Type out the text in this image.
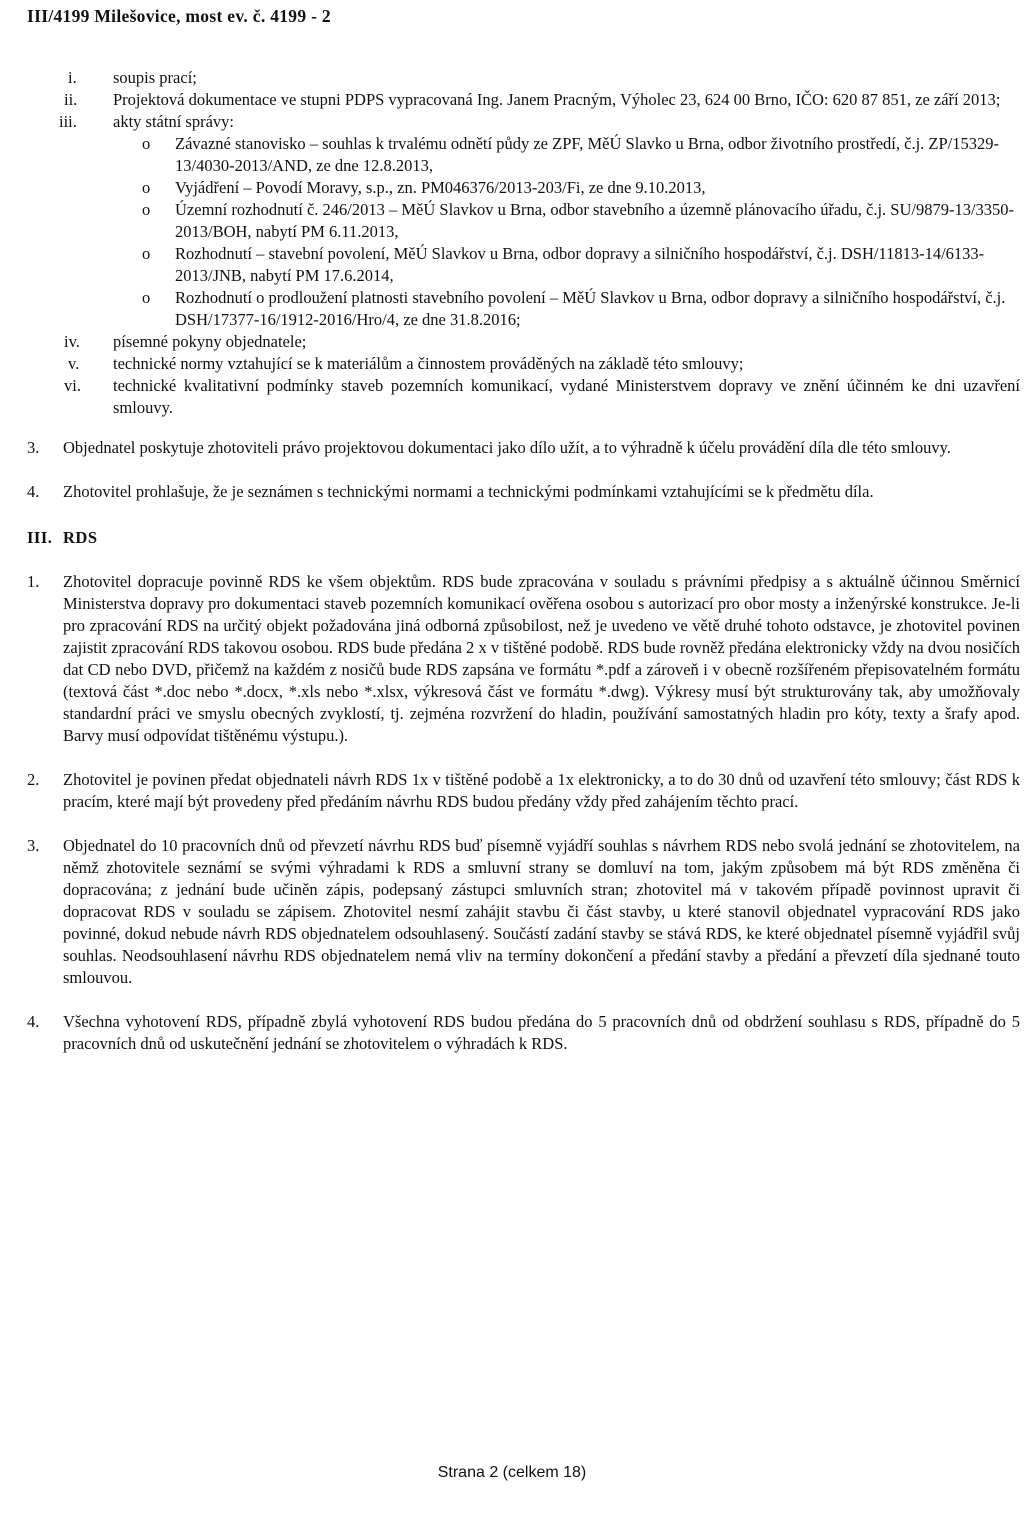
III/4199 Milešovice, most ev. č. 4199 - 2
i.	soupis prací;
ii.	Projektová dokumentace ve stupni PDPS vypracovaná Ing. Janem Pracným, Výholec 23, 624 00 Brno, IČO: 620 87 851, ze září 2013;
iii.	akty státní správy:
o Závazné stanovisko – souhlas k trvalému odnětí půdy ze ZPF, MěÚ Slavko u Brna, odbor životního prostředí, č.j. ZP/15329-13/4030-2013/AND, ze dne 12.8.2013,
o Vyjádření – Povodí Moravy, s.p., zn. PM046376/2013-203/Fi, ze dne 9.10.2013,
o Územní rozhodnutí č. 246/2013 – MěÚ Slavkov u Brna, odbor stavebního a územně plánovacího úřadu, č.j. SU/9879-13/3350-2013/BOH, nabytí PM 6.11.2013,
o Rozhodnutí – stavební povolení, MěÚ Slavkov u Brna, odbor dopravy a silničního hospodářství, č.j. DSH/11813-14/6133-2013/JNB, nabytí PM 17.6.2014,
o Rozhodnutí o prodloužení platnosti stavebního povolení – MěÚ Slavkov u Brna, odbor dopravy a silničního hospodářství, č.j. DSH/17377-16/1912-2016/Hro/4, ze dne 31.8.2016;
iv.	písemné pokyny objednatele;
v.	technické normy vztahující se k materiálům a činnostem prováděných na základě této smlouvy;
vi.	technické kvalitativní podmínky staveb pozemních komunikací, vydané Ministerstvem dopravy ve znění účinném ke dni uzavření smlouvy.
3. Objednatel poskytuje zhotoviteli právo projektovou dokumentaci jako dílo užít, a to výhradně k účelu provádění díla dle této smlouvy.
4. Zhotovitel prohlašuje, že je seznámen s technickými normami a technickými podmínkami vztahujícími se k předmětu díla.
III. RDS
1. Zhotovitel dopracuje povinně RDS ke všem objektům. RDS bude zpracována v souladu s právními předpisy a s aktuálně účinnou Směrnicí Ministerstva dopravy pro dokumentaci staveb pozemních komunikací ověřena osobou s autorizací pro obor mosty a inženýrské konstrukce. Je-li pro zpracování RDS na určitý objekt požadována jiná odborná způsobilost, než je uvedeno ve větě druhé tohoto odstavce, je zhotovitel povinen zajistit zpracování RDS takovou osobou. RDS bude předána 2 x v tištěné podobě. RDS bude rovněž předána elektronicky vždy na dvou nosičích dat CD nebo DVD, přičemž na každém z nosičů bude RDS zapsána ve formátu *.pdf a zároveň i v obecně rozšířeném přepisovatelném formátu (textová část *.doc nebo *.docx, *.xls nebo *.xlsx, výkresová část ve formátu *.dwg). Výkresy musí být strukturovány tak, aby umožňovaly standardní práci ve smyslu obecných zvyklostí, tj. zejména rozvržení do hladin, používání samostatných hladin pro kóty, texty a šrafy apod. Barvy musí odpovídat tištěnému výstupu.).
2. Zhotovitel je povinen předat objednateli návrh RDS 1x v tištěné podobě a 1x elektronicky, a to do 30 dnů od uzavření této smlouvy; část RDS k pracím, které mají být provedeny před předáním návrhu RDS budou předány vždy před zahájením těchto prací.
3. Objednatel do 10 pracovních dnů od převzetí návrhu RDS buď písemně vyjádří souhlas s návrhem RDS nebo svolá jednání se zhotovitelem, na němž zhotovitele seznámí se svými výhradami k RDS a smluvní strany se domluví na tom, jakým způsobem má být RDS změněna či dopracována; z jednání bude učiněn zápis, podepsaný zástupci smluvních stran; zhotovitel má v takovém případě povinnost upravit či dopracovat RDS v souladu se zápisem. Zhotovitel nesmí zahájit stavbu či část stavby, u které stanovil objednatel vypracování RDS jako povinné, dokud nebude návrh RDS objednatelem odsouhlasený. Součástí zadání stavby se stává RDS, ke které objednatel písemně vyjádřil svůj souhlas. Neodsouhlasení návrhu RDS objednatelem nemá vliv na termíny dokončení a předání stavby a předání a převzetí díla sjednané touto smlouvou.
4. Všechna vyhotovení RDS, případně zbylá vyhotovení RDS budou předána do 5 pracovních dnů od obdržení souhlasu s RDS, případně do 5 pracovních dnů od uskutečnění jednání se zhotovitelem o výhradách k RDS.
Strana 2 (celkem 18)
